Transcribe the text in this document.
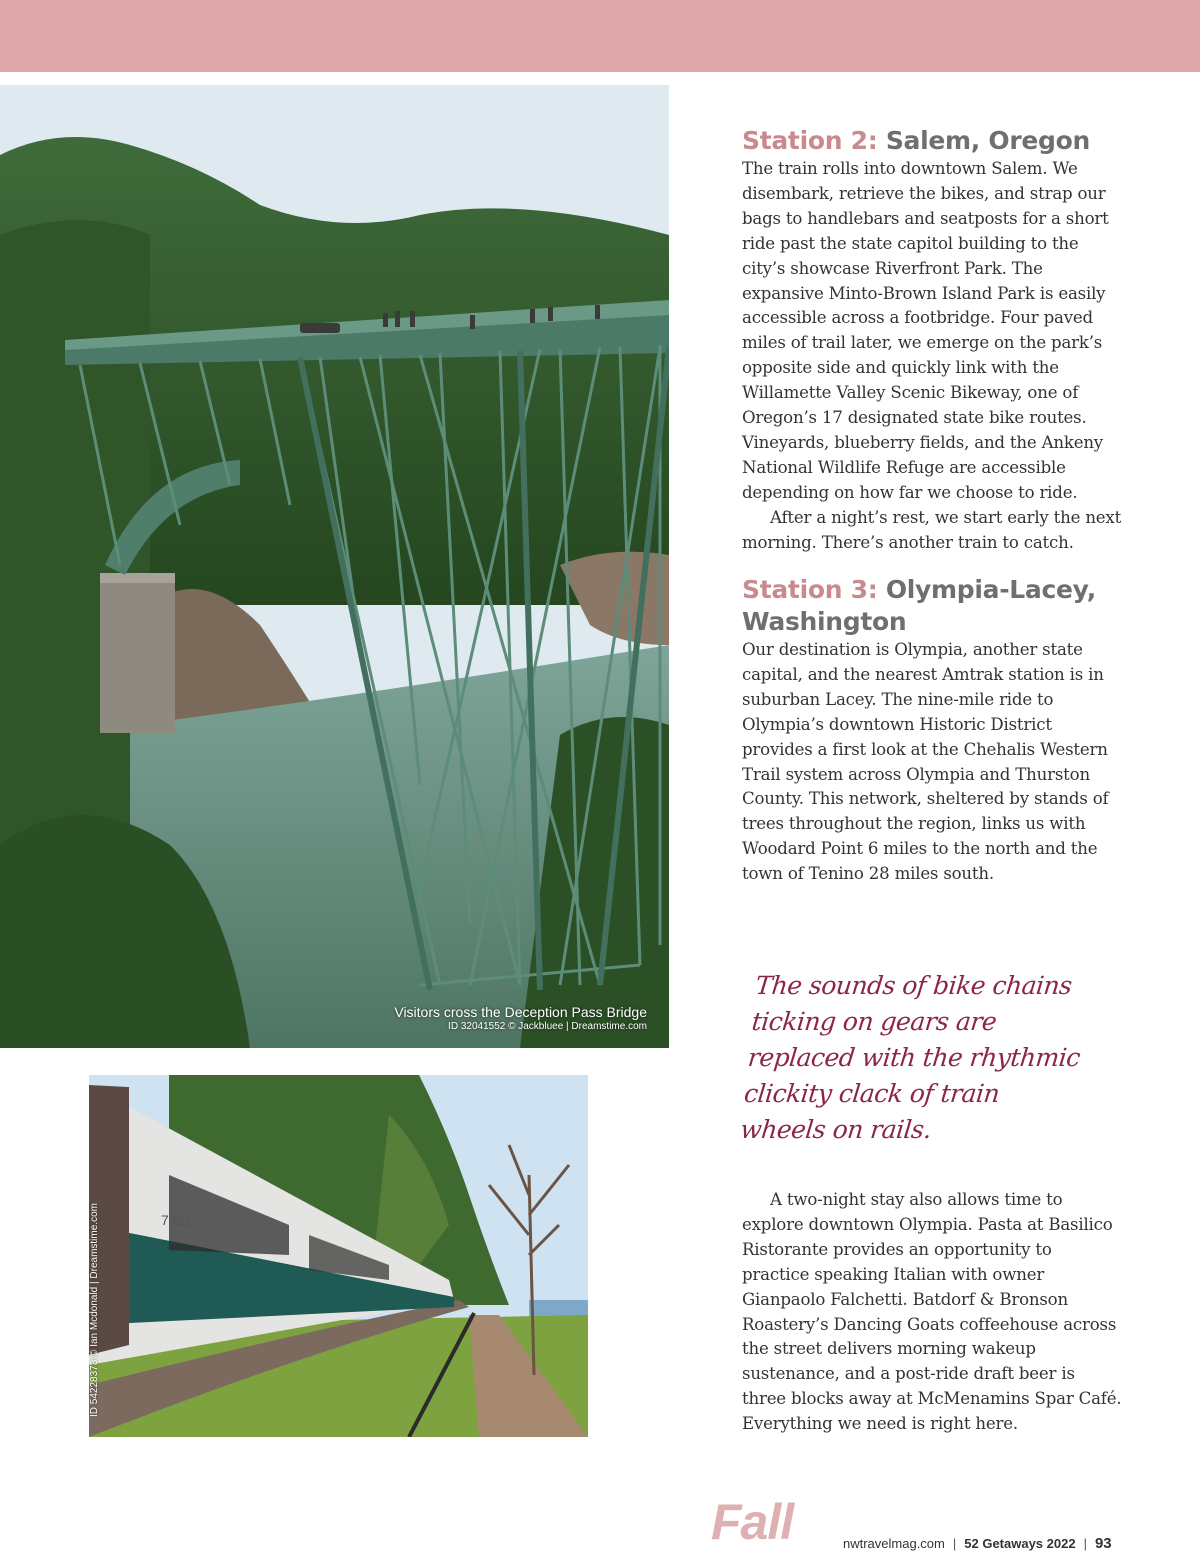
Visitors cross the Deception Pass Bridge
ID 32041552 © Jackbluee | Dreamstime.com
7421
ID 54228373 © Ian Mcdonald | Dreamstime.com
Station 2: Salem, Oregon

The train rolls into downtown Salem. We disembark, retrieve the bikes, and strap our bags to handlebars and seatposts for a short ride past the state capitol building to the city’s showcase Riverfront Park. The expansive Minto-Brown Island Park is easily accessible across a footbridge. Four paved miles of trail later, we emerge on the park’s opposite side and quickly link with the Willamette Valley Scenic Bikeway, one of Oregon’s 17 designated state bike routes. Vineyards, blueberry fields, and the Ankeny National Wildlife Refuge are accessible depending on how far we choose to ride.

After a night’s rest, we start early the next morning. There’s another train to catch.

Station 3: Olympia-Lacey,
Washington

Our destination is Olympia, another state capital, and the nearest Amtrak station is in suburban Lacey. The nine-mile ride to Olympia’s downtown Historic District provides a first look at the Chehalis Western Trail system across Olympia and Thurston County. This network, sheltered by stands of trees throughout the region, links us with Woodard Point 6 miles to the north and the town of Tenino 28 miles south.

The sounds of bike chains ticking on gears are replaced with the rhythmic clickity clack of train wheels on rails.

A two-night stay also allows time to explore downtown Olympia. Pasta at Basilico Ristorante provides an opportunity to practice speaking Italian with owner Gianpaolo Falchetti. Batdorf & Bronson Roastery’s Dancing Goats coffeehouse across the street delivers morning wakeup sustenance, and a post-ride draft beer is three blocks away at McMenamins Spar Café. Everything we need is right here.

Fall	nwtravelmag.com | 52 Getaways 2022 | 93
